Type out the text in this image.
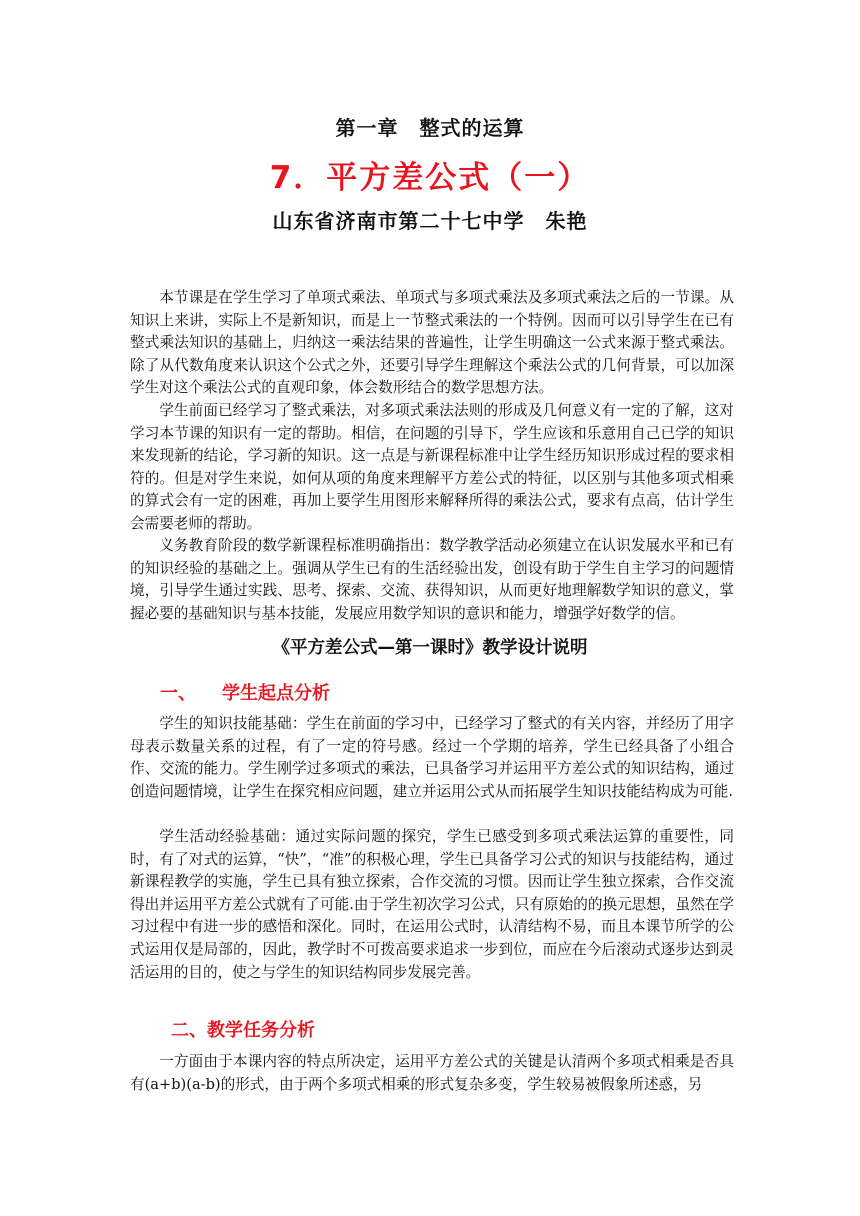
第一章　整式的运算
7．平方差公式（一）
山东省济南市第二十七中学　朱艳

本节课是在学生学习了单项式乘法、单项式与多项式乘法及多项式乘法之后的一节课。从知识上来讲，实际上不是新知识，而是上一节整式乘法的一个特例。因而可以引导学生在已有整式乘法知识的基础上，归纳这一乘法结果的普遍性，让学生明确这一公式来源于整式乘法。除了从代数角度来认识这个公式之外，还要引导学生理解这个乘法公式的几何背景，可以加深学生对这个乘法公式的直观印象，体会数形结合的数学思想方法。

学生前面已经学习了整式乘法，对多项式乘法法则的形成及几何意义有一定的了解，这对学习本节课的知识有一定的帮助。相信，在问题的引导下，学生应该和乐意用自己已学的知识来发现新的结论，学习新的知识。这一点是与新课程标准中让学生经历知识形成过程的要求相符的。但是对学生来说，如何从项的角度来理解平方差公式的特征，以区别与其他多项式相乘的算式会有一定的困难，再加上要学生用图形来解释所得的乘法公式，要求有点高，估计学生会需要老师的帮助。

义务教育阶段的数学新课程标准明确指出：数学教学活动必须建立在认识发展水平和已有的知识经验的基础之上。强调从学生已有的生活经验出发，创设有助于学生自主学习的问题情境，引导学生通过实践、思考、探索、交流、获得知识，从而更好地理解数学知识的意义，掌握必要的基础知识与基本技能，发展应用数学知识的意识和能力，增强学好数学的信。

《平方差公式—第一课时》教学设计说明
一、 学生起点分析

学生的知识技能基础：学生在前面的学习中，已经学习了整式的有关内容，并经历了用字母表示数量关系的过程，有了一定的符号感。经过一个学期的培养，学生已经具备了小组合作、交流的能力。学生刚学过多项式的乘法，已具备学习并运用平方差公式的知识结构，通过创造问题情境，让学生在探究相应问题，建立并运用公式从而拓展学生知识技能结构成为可能.

学生活动经验基础：通过实际问题的探究，学生已感受到多项式乘法运算的重要性，同时，有了对式的运算，“快”，“准”的积极心理，学生已具备学习公式的知识与技能结构，通过新课程教学的实施，学生已具有独立探索，合作交流的习惯。因而让学生独立探索，合作交流得出并运用平方差公式就有了可能.由于学生初次学习公式，只有原始的的换元思想，虽然在学习过程中有进一步的感悟和深化。同时，在运用公式时，认清结构不易，而且本课节所学的公式运用仅是局部的，因此，教学时不可拨高要求追求一步到位，而应在今后滚动式逐步达到灵活运用的目的，使之与学生的知识结构同步发展完善。

二、教学任务分析

一方面由于本课内容的特点所决定，运用平方差公式的关键是认清两个多项式相乘是否具有(a+b)(a-b)的形式，由于两个多项式相乘的形式复杂多变，学生较易被假象所述惑，另
